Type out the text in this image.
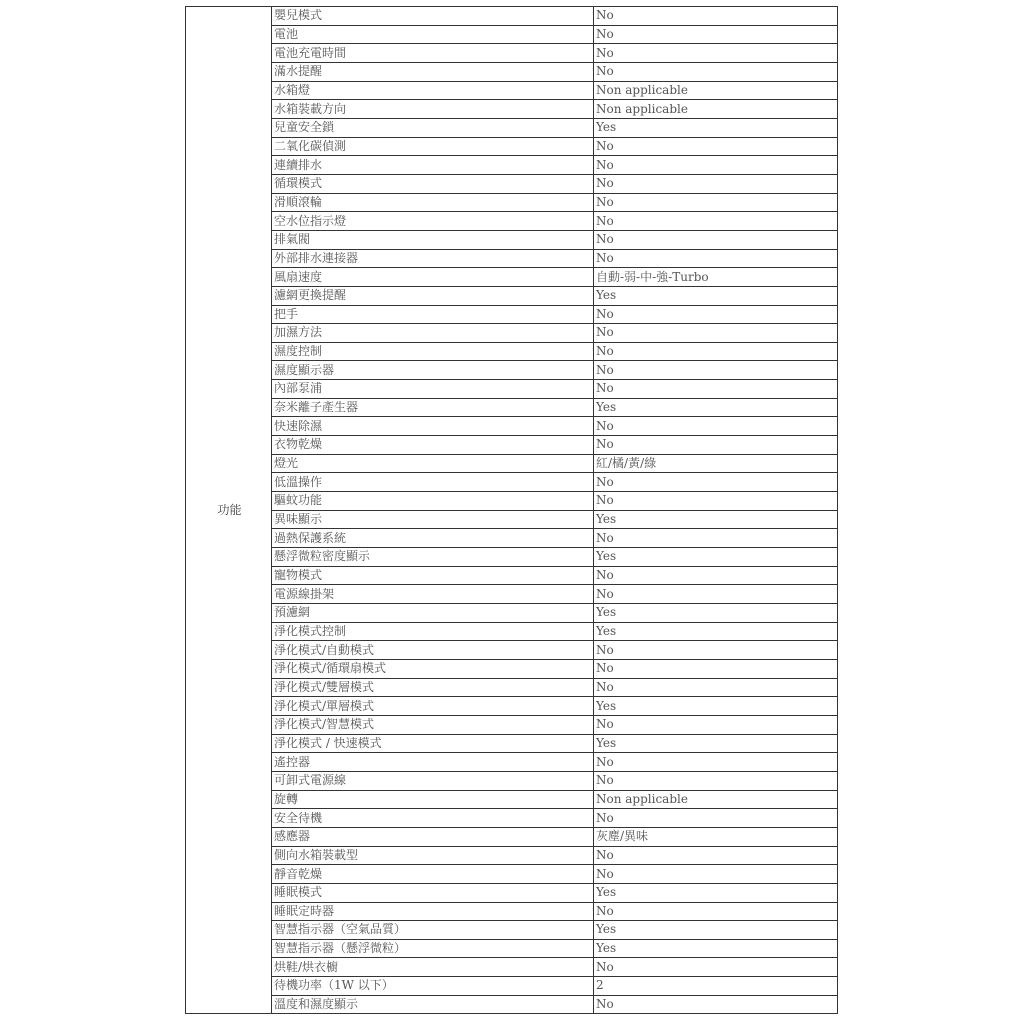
功能	嬰兒模式	No
	電池	No
	電池充電時間	No
	滿水提醒	No
	水箱燈	Non applicable
	水箱裝載方向	Non applicable
	兒童安全鎖	Yes
	二氧化碳偵測	No
	連續排水	No
	循環模式	No
	滑順滾輪	No
	空水位指示燈	No
	排氣閥	No
	外部排水連接器	No
	風扇速度	自動-弱-中-強-Turbo
	濾網更換提醒	Yes
	把手	No
	加濕方法	No
	濕度控制	No
	濕度顯示器	No
	內部泵浦	No
	奈米離子產生器	Yes
	快速除濕	No
	衣物乾燥	No
	燈光	紅/橘/黃/綠
	低溫操作	No
	驅蚊功能	No
	異味顯示	Yes
	過熱保護系統	No
	懸浮微粒密度顯示	Yes
	寵物模式	No
	電源線掛架	No
	預濾網	Yes
	淨化模式控制	Yes
	淨化模式/自動模式	No
	淨化模式/循環扇模式	No
	淨化模式/雙層模式	No
	淨化模式/單層模式	Yes
	淨化模式/智慧模式	No
	淨化模式 / 快速模式	Yes
	遙控器	No
	可卸式電源線	No
	旋轉	Non applicable
	安全待機	No
	感應器	灰塵/異味
	側向水箱裝載型	No
	靜音乾燥	No
	睡眠模式	Yes
	睡眠定時器	No
	智慧指示器（空氣品質）	Yes
	智慧指示器（懸浮微粒）	Yes
	烘鞋/烘衣櫥	No
	待機功率（1W 以下）	2
	溫度和濕度顯示	No
